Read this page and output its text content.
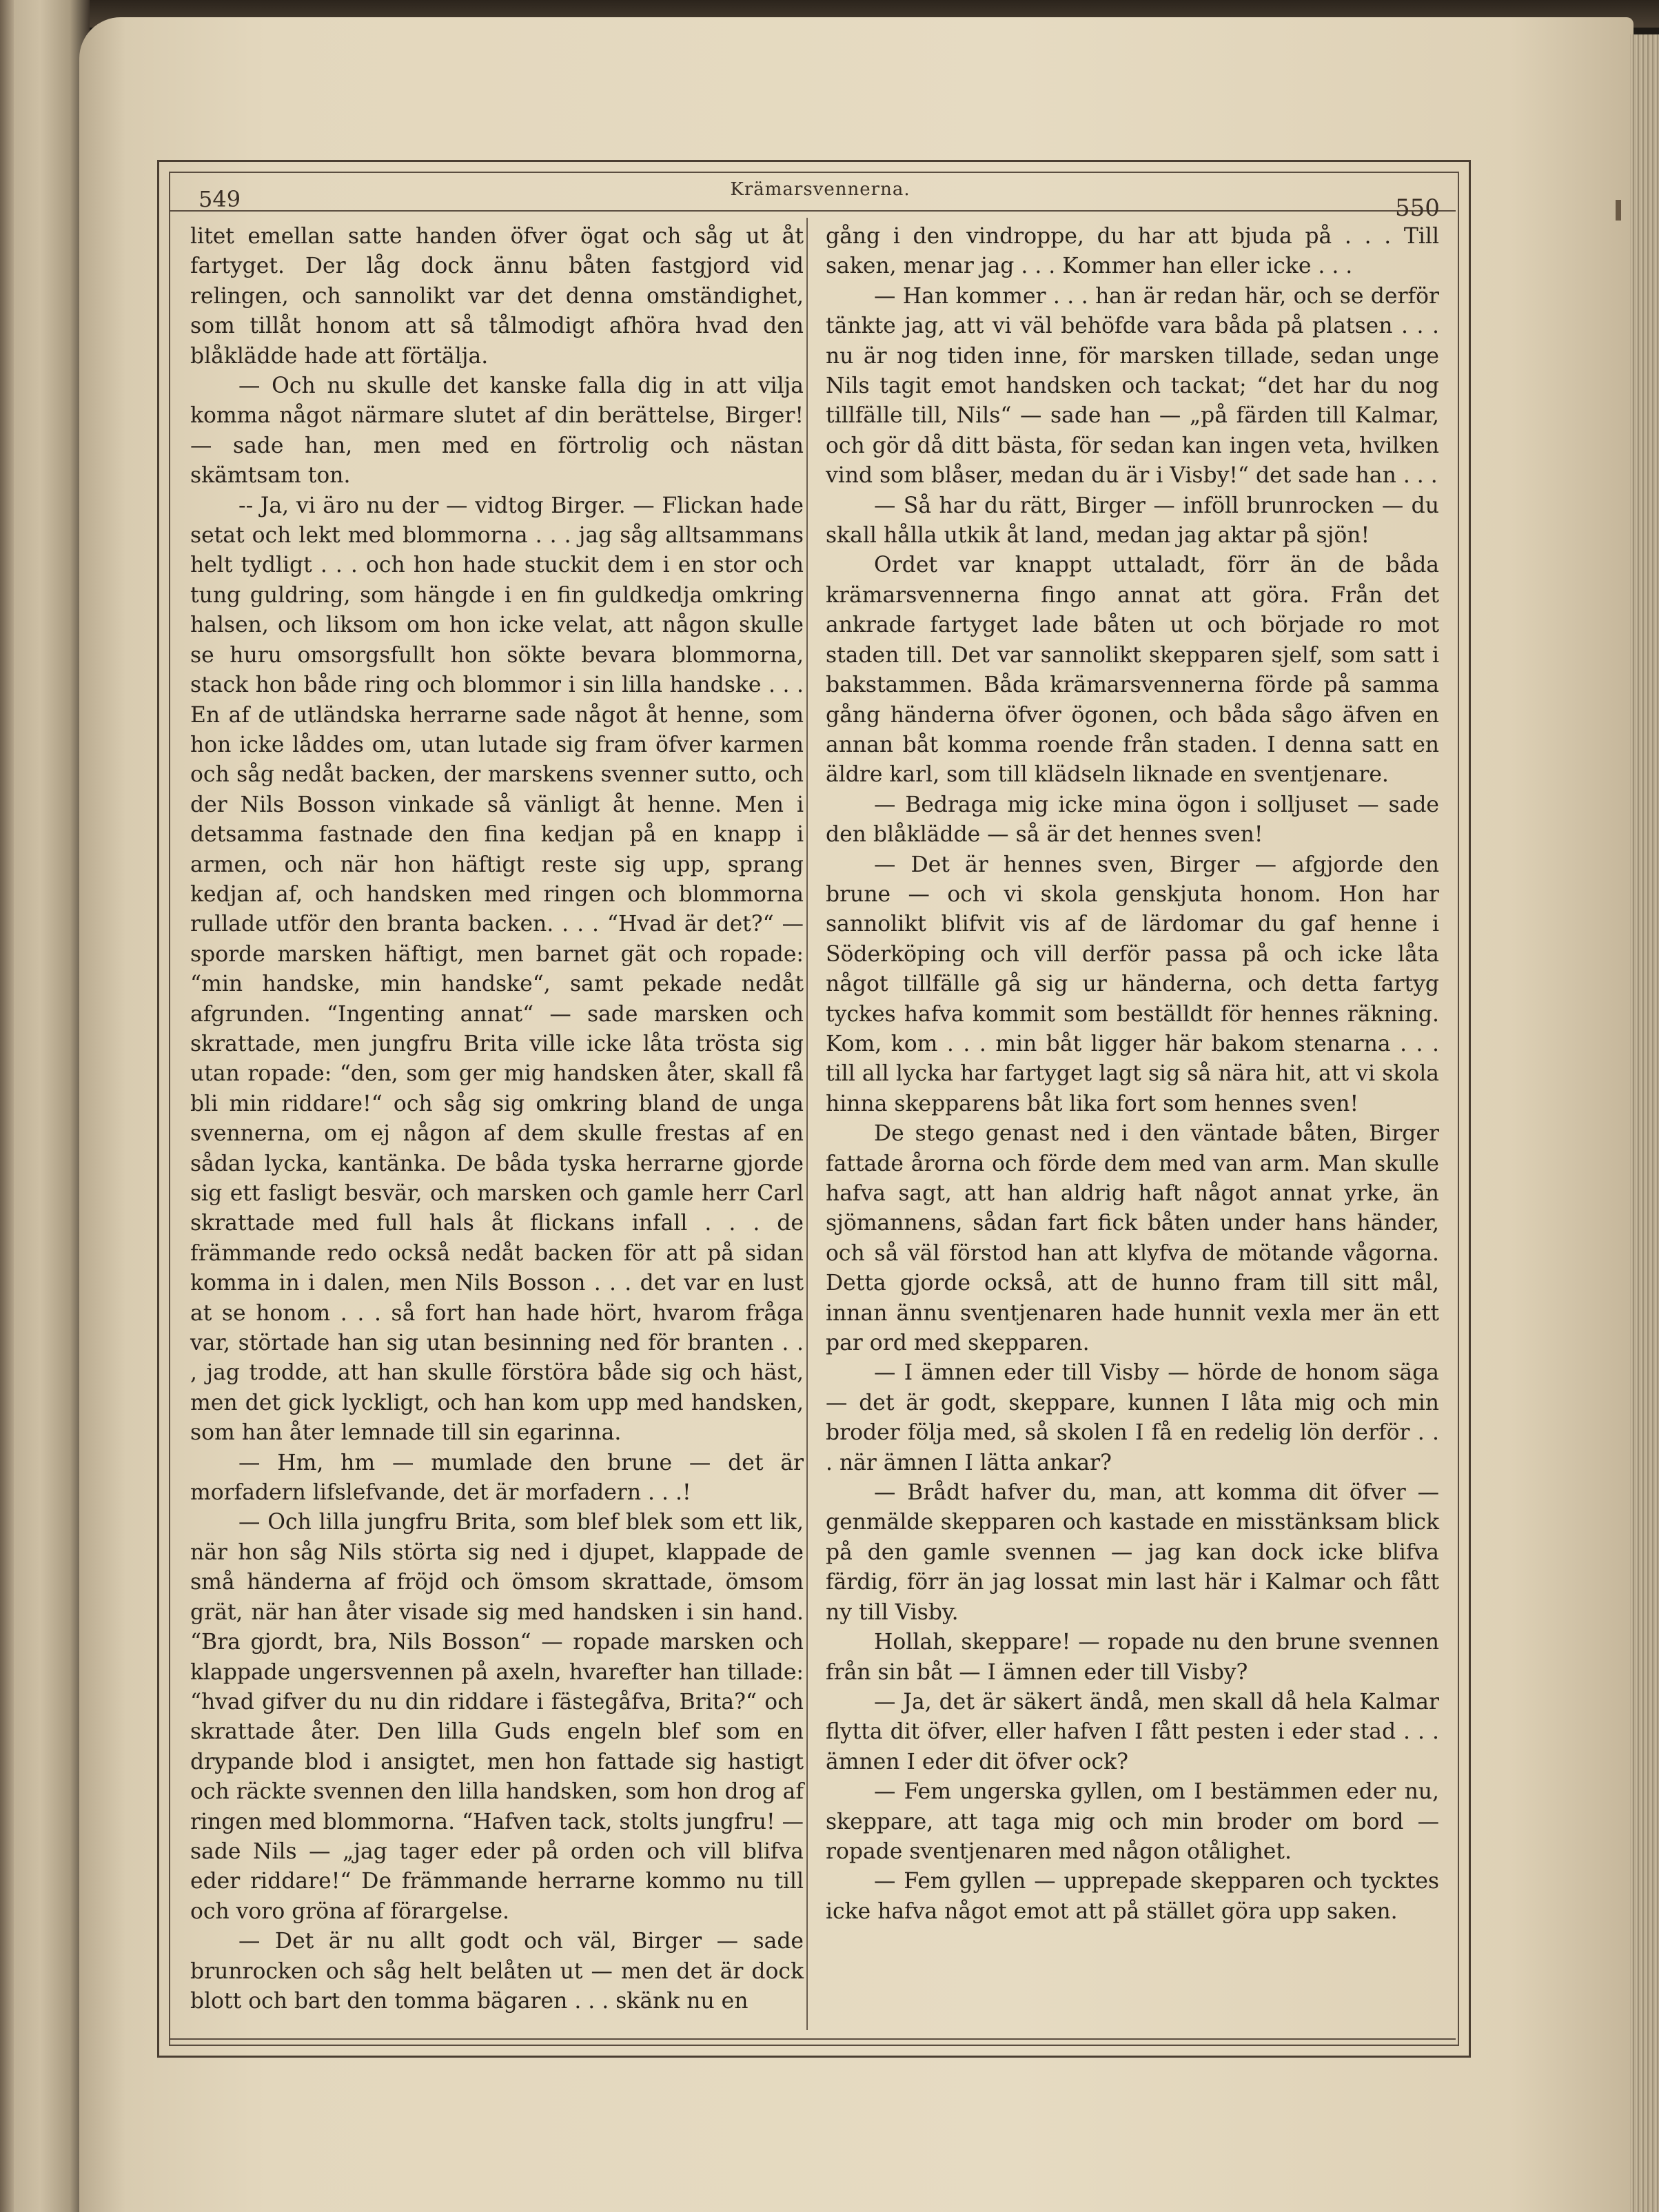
549	Krämarsvennerna.
550

litet emellan satte handen öfver ögat och såg ut åt fartyget. Der låg dock ännu båten fastgjord vid relingen, och sannolikt var det denna omständighet, som tillåt honom att så tålmodigt afhöra hvad den blåklädde hade att förtälja.

— Och nu skulle det kanske falla dig in att vilja komma något närmare slutet af din berättelse, Birger! — sade han, men med en förtrolig och nästan skämtsam ton.

-- Ja, vi äro nu der — vidtog Birger. — Flickan hade setat och lekt med blommorna . . . jag såg alltsammans helt tydligt . . . och hon hade stuckit dem i en stor och tung guldring, som hängde i en fin guldkedja omkring halsen, och liksom om hon icke velat, att någon skulle se huru omsorgsfullt hon sökte bevara blommorna, stack hon både ring och blommor i sin lilla handske . . . En af de utländska herrarne sade något åt henne, som hon icke låddes om, utan lutade sig fram öfver karmen och såg nedåt backen, der marskens svenner sutto, och der Nils Bosson vinkade så vänligt åt henne. Men i detsamma fastnade den fina kedjan på en knapp i armen, och när hon häftigt reste sig upp, sprang kedjan af, och handsken med ringen och blommorna rullade utför den branta backen. . . . “Hvad är det?“ — sporde marsken häftigt, men barnet gät och ropade: “min handske, min handske“, samt pekade nedåt afgrunden. “Ingenting annat“ — sade marsken och skrattade, men jungfru Brita ville icke låta trösta sig utan ropade: “den, som ger mig handsken åter, skall få bli min riddare!“ och såg sig omkring bland de unga svennerna, om ej någon af dem skulle frestas af en sådan lycka, kantänka. De båda tyska herrarne gjorde sig ett fasligt besvär, och marsken och gamle herr Carl skrattade med full hals åt flickans infall . . . de främmande redo också nedåt backen för att på sidan komma in i dalen, men Nils Bosson . . . det var en lust at se honom . . . så fort han hade hört, hvarom fråga var, störtade han sig utan besinning ned för branten . . , jag trodde, att han skulle förstöra både sig och häst, men det gick lyckligt, och han kom upp med handsken, som han åter lemnade till sin egarinna.

— Hm, hm — mumlade den brune — det är morfadern lifslefvande, det är morfadern . . .!

— Och lilla jungfru Brita, som blef blek som ett lik, när hon såg Nils störta sig ned i djupet, klappade de små händerna af fröjd och ömsom skrattade, ömsom grät, när han åter visade sig med handsken i sin hand. “Bra gjordt, bra, Nils Bosson“ — ropade marsken och klappade ungersvennen på axeln, hvarefter han tillade: “hvad gifver du nu din riddare i fästegåfva, Brita?“ och skrattade åter. Den lilla Guds engeln blef som en drypande blod i ansigtet, men hon fattade sig hastigt och räckte svennen den lilla handsken, som hon drog af ringen med blommorna. “Hafven tack, stolts jungfru! — sade Nils — „jag tager eder på orden och vill blifva eder riddare!“ De främmande herrarne kommo nu till och voro gröna af förargelse.

— Det är nu allt godt och väl, Birger — sade brunrocken och såg helt belåten ut — men det är dock blott och bart den tomma bägaren . . . skänk nu en

gång i den vindroppe, du har att bjuda på . . . Till saken, menar jag . . . Kommer han eller icke . . .

— Han kommer . . . han är redan här, och se derför tänkte jag, att vi väl behöfde vara båda på platsen . . . nu är nog tiden inne, för marsken tillade, sedan unge Nils tagit emot handsken och tackat; “det har du nog tillfälle till, Nils“ — sade han — „på färden till Kalmar, och gör då ditt bästa, för sedan kan ingen veta, hvilken vind som blåser, medan du är i Visby!“ det sade han . . .

— Så har du rätt, Birger — inföll brunrocken — du skall hålla utkik åt land, medan jag aktar på sjön!

Ordet var knappt uttaladt, förr än de båda krämarsvennerna fingo annat att göra. Från det ankrade fartyget lade båten ut och började ro mot staden till. Det var sannolikt skepparen sjelf, som satt i bakstammen. Båda krämarsvennerna förde på samma gång händerna öfver ögonen, och båda sågo äfven en annan båt komma roende från staden. I denna satt en äldre karl, som till klädseln liknade en sventjenare.

— Bedraga mig icke mina ögon i solljuset — sade den blåklädde — så är det hennes sven!

— Det är hennes sven, Birger — afgjorde den brune — och vi skola genskjuta honom. Hon har sannolikt blifvit vis af de lärdomar du gaf henne i Söderköping och vill derför passa på och icke låta något tillfälle gå sig ur händerna, och detta fartyg tyckes hafva kommit som beställdt för hennes räkning. Kom, kom . . . min båt ligger här bakom stenarna . . . till all lycka har fartyget lagt sig så nära hit, att vi skola hinna skepparens båt lika fort som hennes sven!

De stego genast ned i den väntade båten, Birger fattade årorna och förde dem med van arm. Man skulle hafva sagt, att han aldrig haft något annat yrke, än sjömannens, sådan fart fick båten under hans händer, och så väl förstod han att klyfva de mötande vågorna. Detta gjorde också, att de hunno fram till sitt mål, innan ännu sventjenaren hade hunnit vexla mer än ett par ord med skepparen.

— I ämnen eder till Visby — hörde de honom säga — det är godt, skeppare, kunnen I låta mig och min broder följa med, så skolen I få en redelig lön derför . . . när ämnen I lätta ankar?

— Brådt hafver du, man, att komma dit öfver — genmälde skepparen och kastade en misstänksam blick på den gamle svennen — jag kan dock icke blifva färdig, förr än jag lossat min last här i Kalmar och fått ny till Visby.

Hollah, skeppare! — ropade nu den brune svennen från sin båt — I ämnen eder till Visby?

— Ja, det är säkert ändå, men skall då hela Kalmar flytta dit öfver, eller hafven I fått pesten i eder stad . . . ämnen I eder dit öfver ock?

— Fem ungerska gyllen, om I bestämmen eder nu, skeppare, att taga mig och min broder om bord — ropade sventjenaren med någon otålighet.

— Fem gyllen — upprepade skepparen och tycktes icke hafva något emot att på stället göra upp saken.
